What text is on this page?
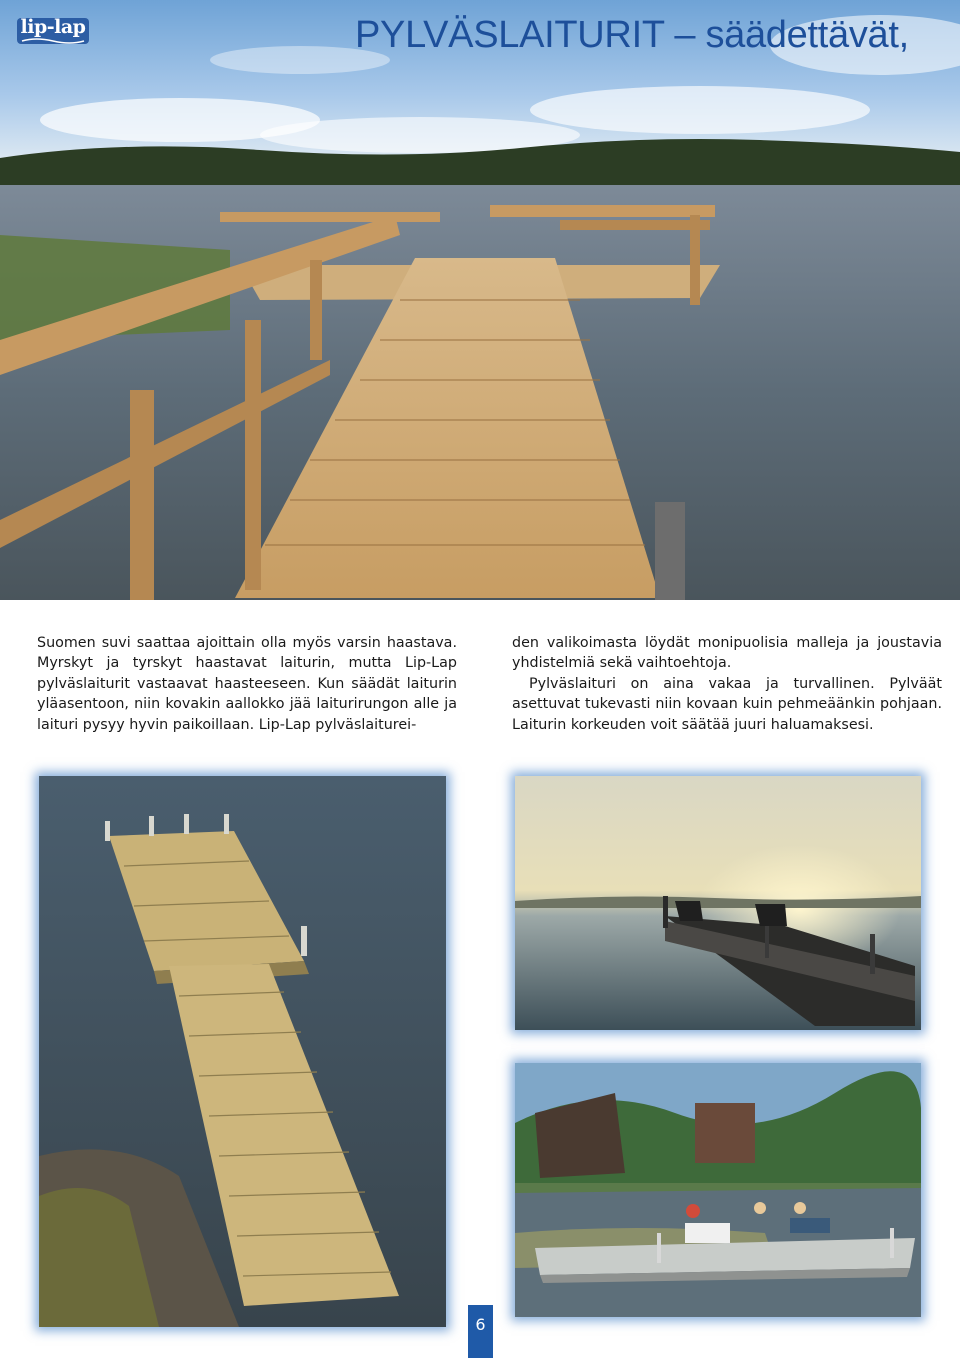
lip-lap	PYLVÄSLAITURIT – säädettävät,

Suomen suvi saattaa ajoittain olla myös varsin haastava. Myrskyt ja tyrskyt haastavat laiturin, mutta Lip-Lap pylväslaiturit vastaavat haasteeseen. Kun säädät laiturin yläasentoon, niin kovakin aallokko jää laiturirungon alle ja laituri pysyy hyvin paikoillaan. Lip-Lap pylväslaiturei-

den valikoimasta löydät monipuolisia malleja ja joustavia yhdistelmiä sekä vaihtoehtoja.

Pylväslaituri on aina vakaa ja turvallinen. Pylväät asettuvat tukevasti niin kovaan kuin pehmeäänkin pohjaan. Laiturin korkeuden voit säätää juuri haluamaksesi.

6
